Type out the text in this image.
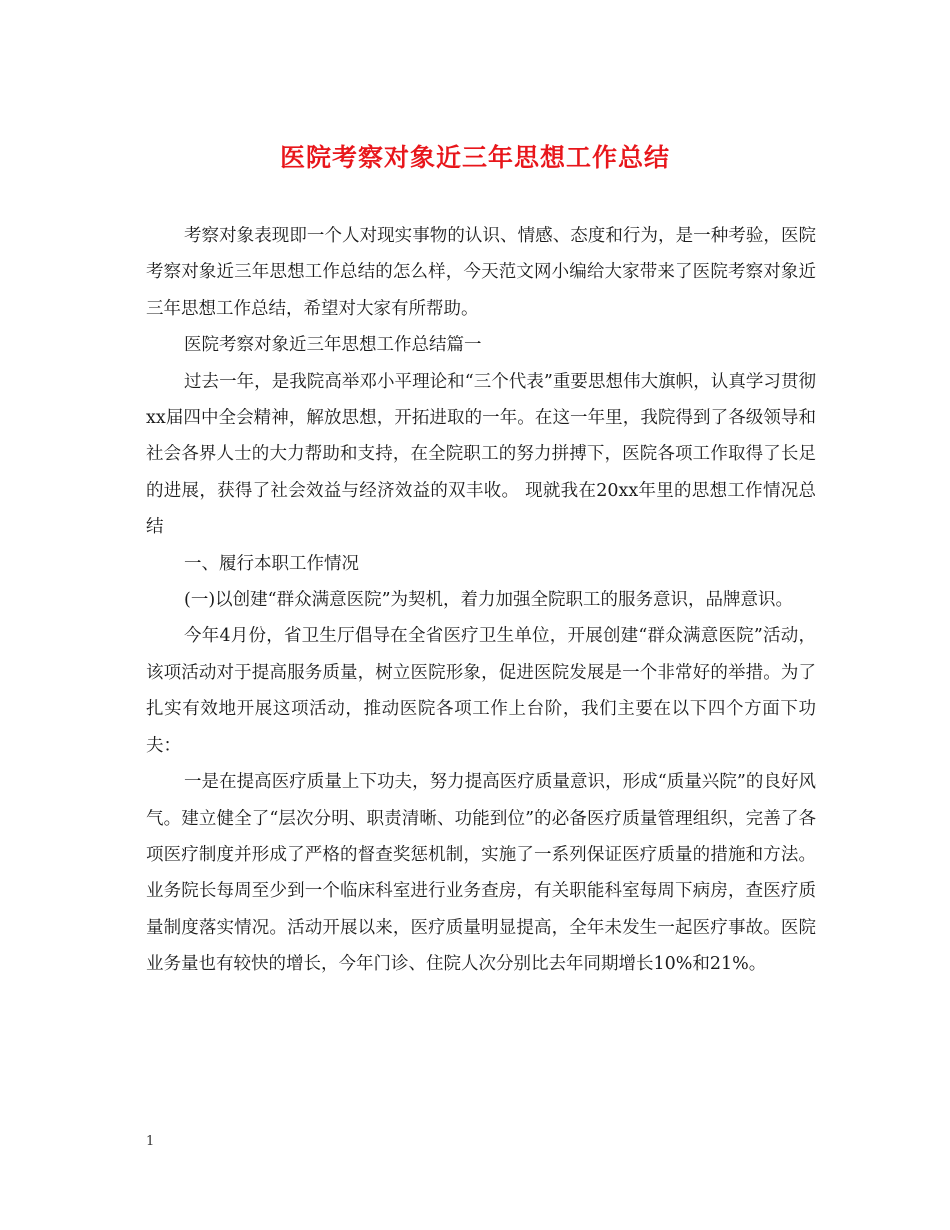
医院考察对象近三年思想工作总结

考察对象表现即一个人对现实事物的认识、情感、态度和行为，是一种考验，医院考察对象近三年思想工作总结的怎么样，今天范文网小编给大家带来了医院考察对象近三年思想工作总结，希望对大家有所帮助。

医院考察对象近三年思想工作总结篇一

过去一年，是我院高举邓小平理论和“三个代表”重要思想伟大旗帜，认真学习贯彻xx届四中全会精神，解放思想，开拓进取的一年。在这一年里，我院得到了各级领导和社会各界人士的大力帮助和支持，在全院职工的努力拼搏下，医院各项工作取得了长足的进展，获得了社会效益与经济效益的双丰收。 现就我在20xx年里的思想工作情况总结

一、履行本职工作情况

(一)以创建“群众满意医院”为契机，着力加强全院职工的服务意识，品牌意识。

今年4月份，省卫生厅倡导在全省医疗卫生单位，开展创建“群众满意医院”活动，该项活动对于提高服务质量，树立医院形象，促进医院发展是一个非常好的举措。为了扎实有效地开展这项活动，推动医院各项工作上台阶，我们主要在以下四个方面下功夫：

一是在提高医疗质量上下功夫，努力提高医疗质量意识，形成“质量兴院”的良好风气。建立健全了“层次分明、职责清晰、功能到位”的必备医疗质量管理组织，完善了各项医疗制度并形成了严格的督查奖惩机制，实施了一系列保证医疗质量的措施和方法。业务院长每周至少到一个临床科室进行业务查房，有关职能科室每周下病房，查医疗质量制度落实情况。活动开展以来，医疗质量明显提高，全年未发生一起医疗事故。医院业务量也有较快的增长，今年门诊、住院人次分别比去年同期增长10%和21%。

1
